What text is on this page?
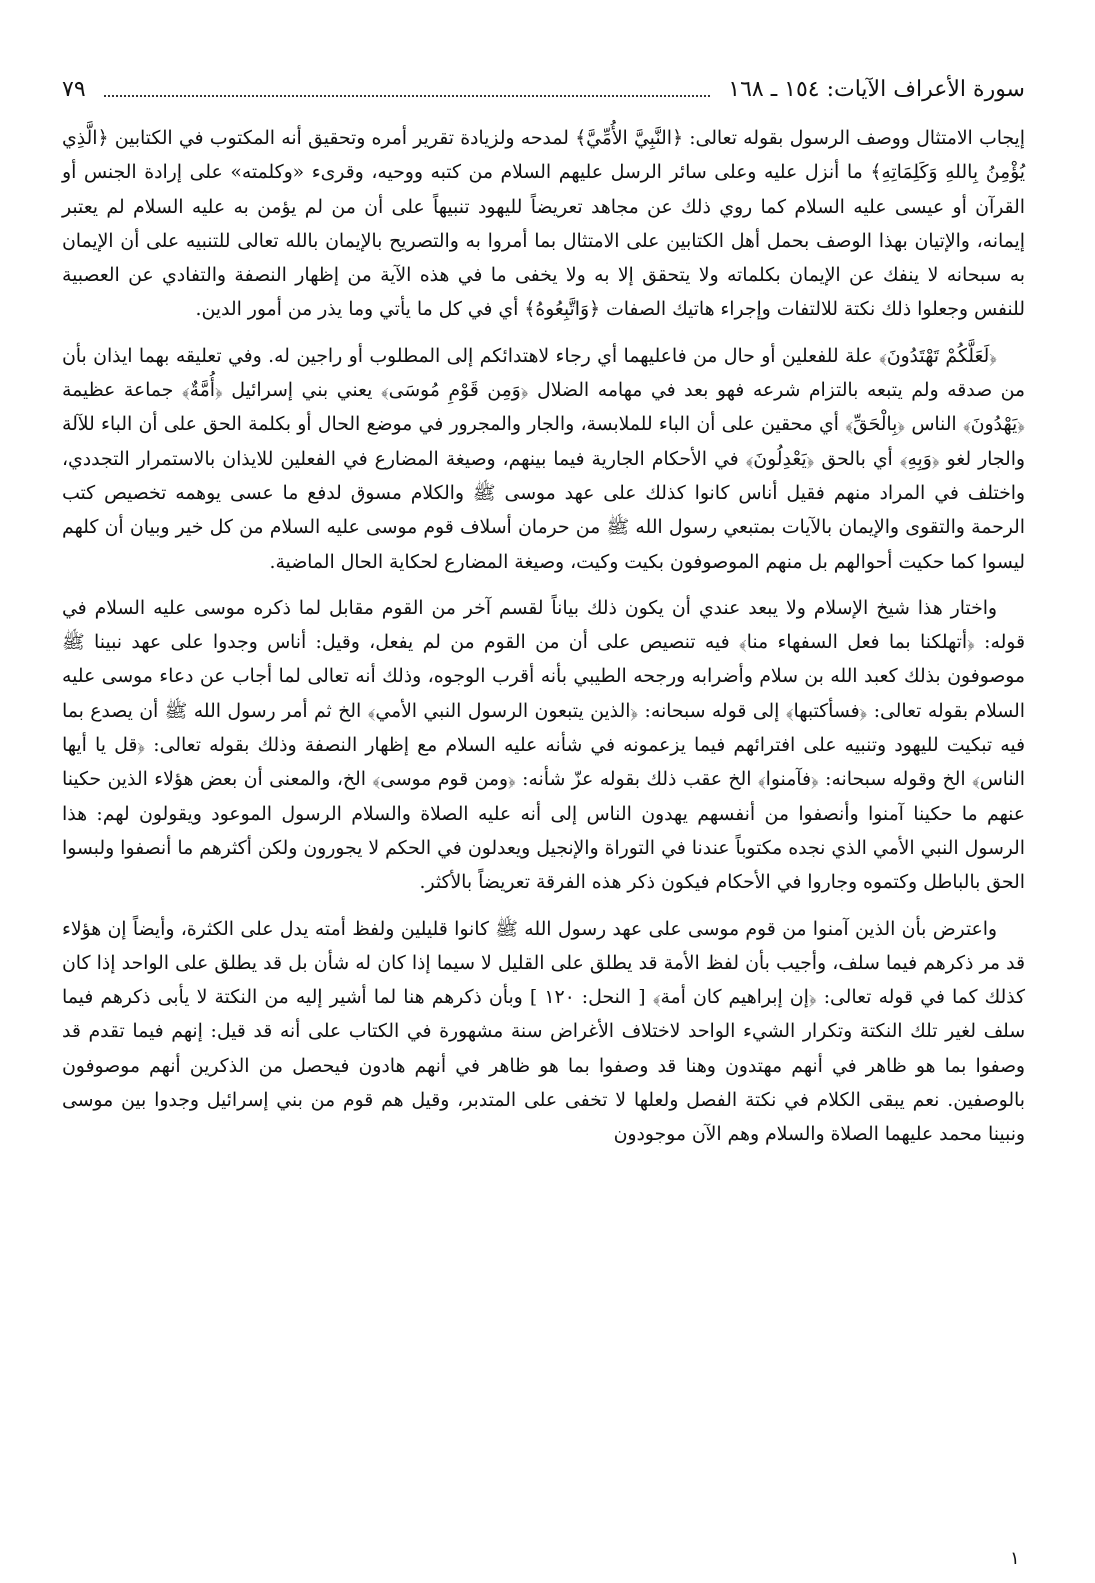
سورة الأعراف الآيات: ١٥٤ ـ ١٦٨
٧٩

إيجاب الامتثال ووصف الرسول بقوله تعالى: ﴿النَّبِيَّ الأُمِّيَّ﴾ لمدحه ولزيادة تقرير أمره وتحقيق أنه المكتوب في الكتابين ﴿الَّذِي يُؤْمِنُ بِاللهِ وَكَلِمَاتِهِ﴾ ما أنزل عليه وعلى سائر الرسل عليهم السلام من كتبه ووحيه، وقرىء «وكلمته» على إرادة الجنس أو القرآن أو عيسى عليه السلام كما روي ذلك عن مجاهد تعريضاً لليهود تنبيهاً على أن من لم يؤمن به عليه السلام لم يعتبر إيمانه، والإتيان بهذا الوصف بحمل أهل الكتابين على الامتثال بما أمروا به والتصريح بالإيمان بالله تعالى للتنبيه على أن الإيمان به سبحانه لا ينفك عن الإيمان بكلماته ولا يتحقق إلا به ولا يخفى ما في هذه الآية من إظهار النصفة والتفادي عن العصبية للنفس وجعلوا ذلك نكتة للالتفات وإجراء هاتيك الصفات ﴿وَاتَّبِعُوهُ﴾ أي في كل ما يأتي وما يذر من أمور الدين.

﴿لَعَلَّكُمْ تَهْتَدُونَ﴾ علة للفعلين أو حال من فاعليهما أي رجاء لاهتدائكم إلى المطلوب أو راجين له. وفي تعليقه بهما ايذان بأن من صدقه ولم يتبعه بالتزام شرعه فهو بعد في مهامه الضلال ﴿وَمِن قَوْمِ مُوسَى﴾ يعني بني إسرائيل ﴿أُمَّةٌ﴾ جماعة عظيمة ﴿يَهْدُونَ﴾ الناس ﴿بِالْحَقِّ﴾ أي محقين على أن الباء للملابسة، والجار والمجرور في موضع الحال أو بكلمة الحق على أن الباء للآلة والجار لغو ﴿وَبِهِ﴾ أي بالحق ﴿يَعْدِلُونَ﴾ في الأحكام الجارية فيما بينهم، وصيغة المضارع في الفعلين للايذان بالاستمرار التجددي، واختلف في المراد منهم فقيل أناس كانوا كذلك على عهد موسى ﷺ والكلام مسوق لدفع ما عسى يوهمه تخصيص كتب الرحمة والتقوى والإيمان بالآيات بمتبعي رسول الله ﷺ من حرمان أسلاف قوم موسى عليه السلام من كل خير وبيان أن كلهم ليسوا كما حكيت أحوالهم بل منهم الموصوفون بكيت وكيت، وصيغة المضارع لحكاية الحال الماضية.

واختار هذا شيخ الإسلام ولا يبعد عندي أن يكون ذلك بياناً لقسم آخر من القوم مقابل لما ذكره موسى عليه السلام في قوله: ﴿أتهلكنا بما فعل السفهاء منا﴾ فيه تنصيص على أن من القوم من لم يفعل، وقيل: أناس وجدوا على عهد نبينا ﷺ موصوفون بذلك كعبد الله بن سلام وأضرابه ورجحه الطيبي بأنه أقرب الوجوه، وذلك أنه تعالى لما أجاب عن دعاء موسى عليه السلام بقوله تعالى: ﴿فسأكتبها﴾ إلى قوله سبحانه: ﴿الذين يتبعون الرسول النبي الأمي﴾ الخ ثم أمر رسول الله ﷺ أن يصدع بما فيه تبكيت لليهود وتنبيه على افترائهم فيما يزعمونه في شأنه عليه السلام مع إظهار النصفة وذلك بقوله تعالى: ﴿قل يا أيها الناس﴾ الخ وقوله سبحانه: ﴿فآمنوا﴾ الخ عقب ذلك بقوله عزّ شأنه: ﴿ومن قوم موسى﴾ الخ، والمعنى أن بعض هؤلاء الذين حكينا عنهم ما حكينا آمنوا وأنصفوا من أنفسهم يهدون الناس إلى أنه عليه الصلاة والسلام الرسول الموعود ويقولون لهم: هذا الرسول النبي الأمي الذي نجده مكتوباً عندنا في التوراة والإنجيل ويعدلون في الحكم لا يجورون ولكن أكثرهم ما أنصفوا ولبسوا الحق بالباطل وكتموه وجاروا في الأحكام فيكون ذكر هذه الفرقة تعريضاً بالأكثر.

واعترض بأن الذين آمنوا من قوم موسى على عهد رسول الله ﷺ كانوا قليلين ولفظ أمته يدل على الكثرة، وأيضاً إن هؤلاء قد مر ذكرهم فيما سلف، وأجيب بأن لفظ الأمة قد يطلق على القليل لا سيما إذا كان له شأن بل قد يطلق على الواحد إذا كان كذلك كما في قوله تعالى: ﴿إن إبراهيم كان أمة﴾ [ النحل: ١٢٠ ] وبأن ذكرهم هنا لما أشير إليه من النكتة لا يأبى ذكرهم فيما سلف لغير تلك النكتة وتكرار الشيء الواحد لاختلاف الأغراض سنة مشهورة في الكتاب على أنه قد قيل: إنهم فيما تقدم قد وصفوا بما هو ظاهر في أنهم مهتدون وهنا قد وصفوا بما هو ظاهر في أنهم هادون فيحصل من الذكرين أنهم موصوفون بالوصفين. نعم يبقى الكلام في نكتة الفصل ولعلها لا تخفى على المتدبر، وقيل هم قوم من بني إسرائيل وجدوا بين موسى ونبينا محمد عليهما الصلاة والسلام وهم الآن موجودون

١
